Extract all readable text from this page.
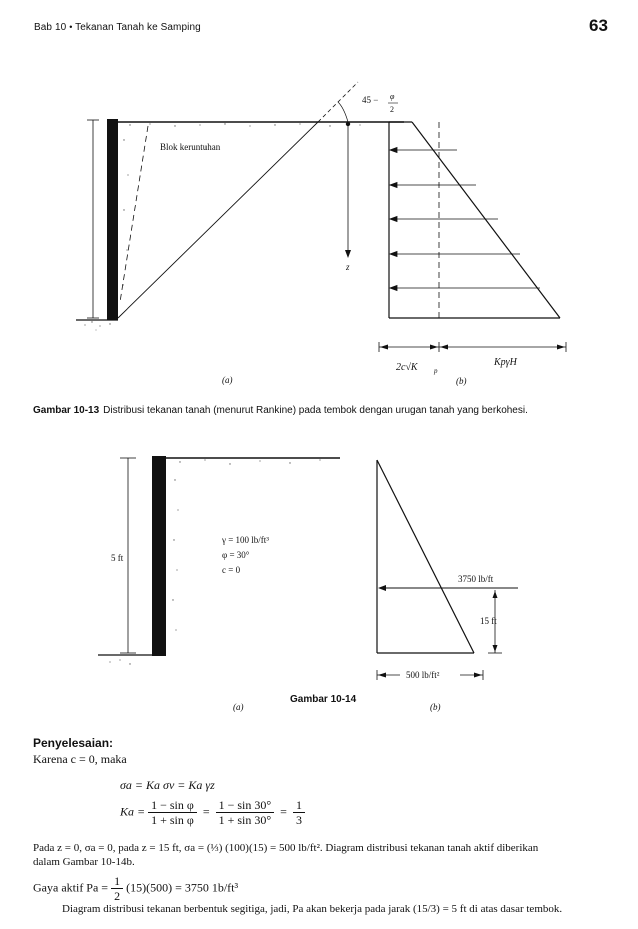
Bab 10 • Tekanan Tanah ke Samping	63
z
45 − φ
2
Blok keruntuhan
2c√K p
KpγH
(a)	(b)
Gambar 10-13 Distribusi tekanan tanah (menurut Rankine) pada tembok dengan urugan tanah yang berkohesi.
5 ft
γ = 100 lb/ft³
φ = 30°
c = 0
3750 lb/ft
15 ft
500 lb/ft²
(a)	(b)
Gambar 10-14
Penyelesaian:
Karena c = 0, maka
σa = Ka σv = Ka γz
$Ka = \frac{\text{1 − sin φ}}{\text{1 + sin φ}} = \frac{1 - \sin 30^\circ}{1 + \sin 30^\circ} = \frac{1}{3}$
Pada z = 0, σa = 0, pada z = 15 ft, σa = (⅓) (100)(15) = 500 lb/ft². Diagram distribusi tekanan tanah aktif diberikan
dalam Gambar 10-14b.
Gaya aktif $Pa = \frac{1}{2} (15)(500) = 3750$ 1b/ft³
Diagram distribusi tekanan berbentuk segitiga, jadi, Pa akan bekerja pada jarak (15/3) = 5 ft di atas dasar tembok.
